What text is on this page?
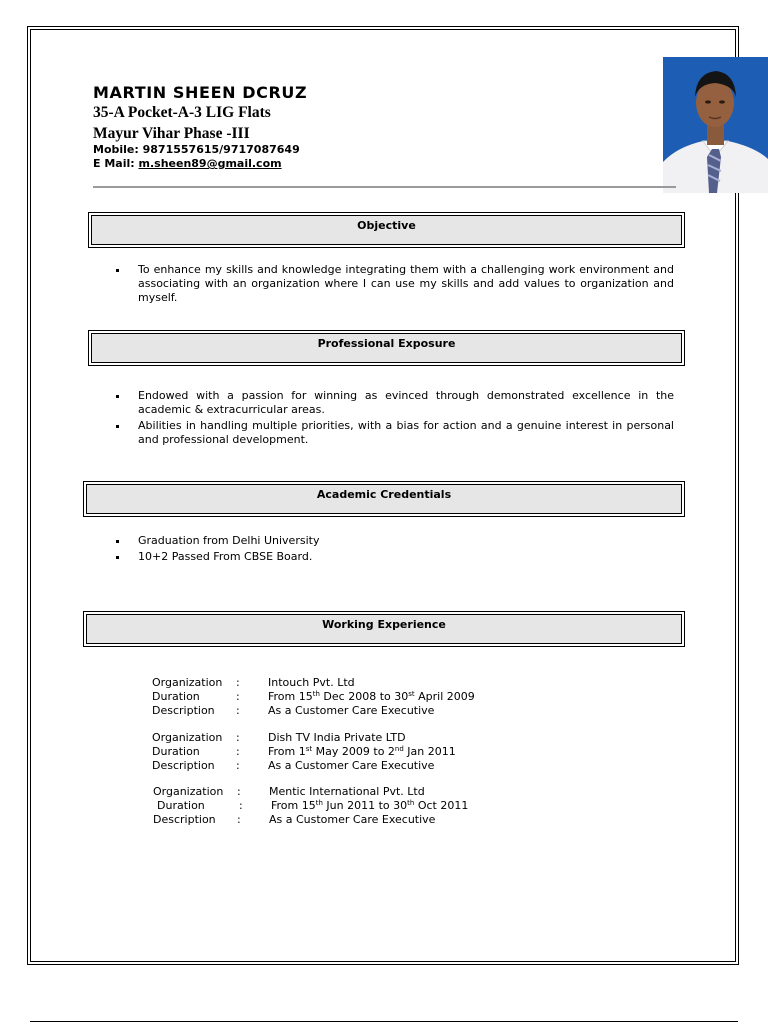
MARTIN SHEEN DCRUZ
35-A Pocket-A-3 LIG Flats
Mayur Vihar Phase -III
Mobile: 9871557615/9717087649
E Mail: m.sheen89@gmail.com
Objective
To enhance my skills and knowledge integrating them with a challenging work environment and associating with an organization where I can use my skills and add values to organization and myself.
Professional Exposure
Endowed with a passion for winning as evinced through demonstrated excellence in the academic & extracurricular areas.
Abilities in handling multiple priorities, with a bias for action and a genuine interest in personal and professional development.
Academic Credentials
Graduation from Delhi University
10+2 Passed From CBSE Board.
Working Experience
Organization :	Intouch Pvt. Ltd
Duration	:	From 15th Dec 2008 to 30st April 2009
Description :	As a Customer Care Executive
Organization :	Dish TV India Private LTD
Duration	:	From 1st May 2009 to 2nd Jan 2011
Description :	As a Customer Care Executive
Organization :	Mentic International Pvt. Ltd
Duration	:	From 15th Jun 2011 to 30th Oct 2011
Description :	As a Customer Care Executive
